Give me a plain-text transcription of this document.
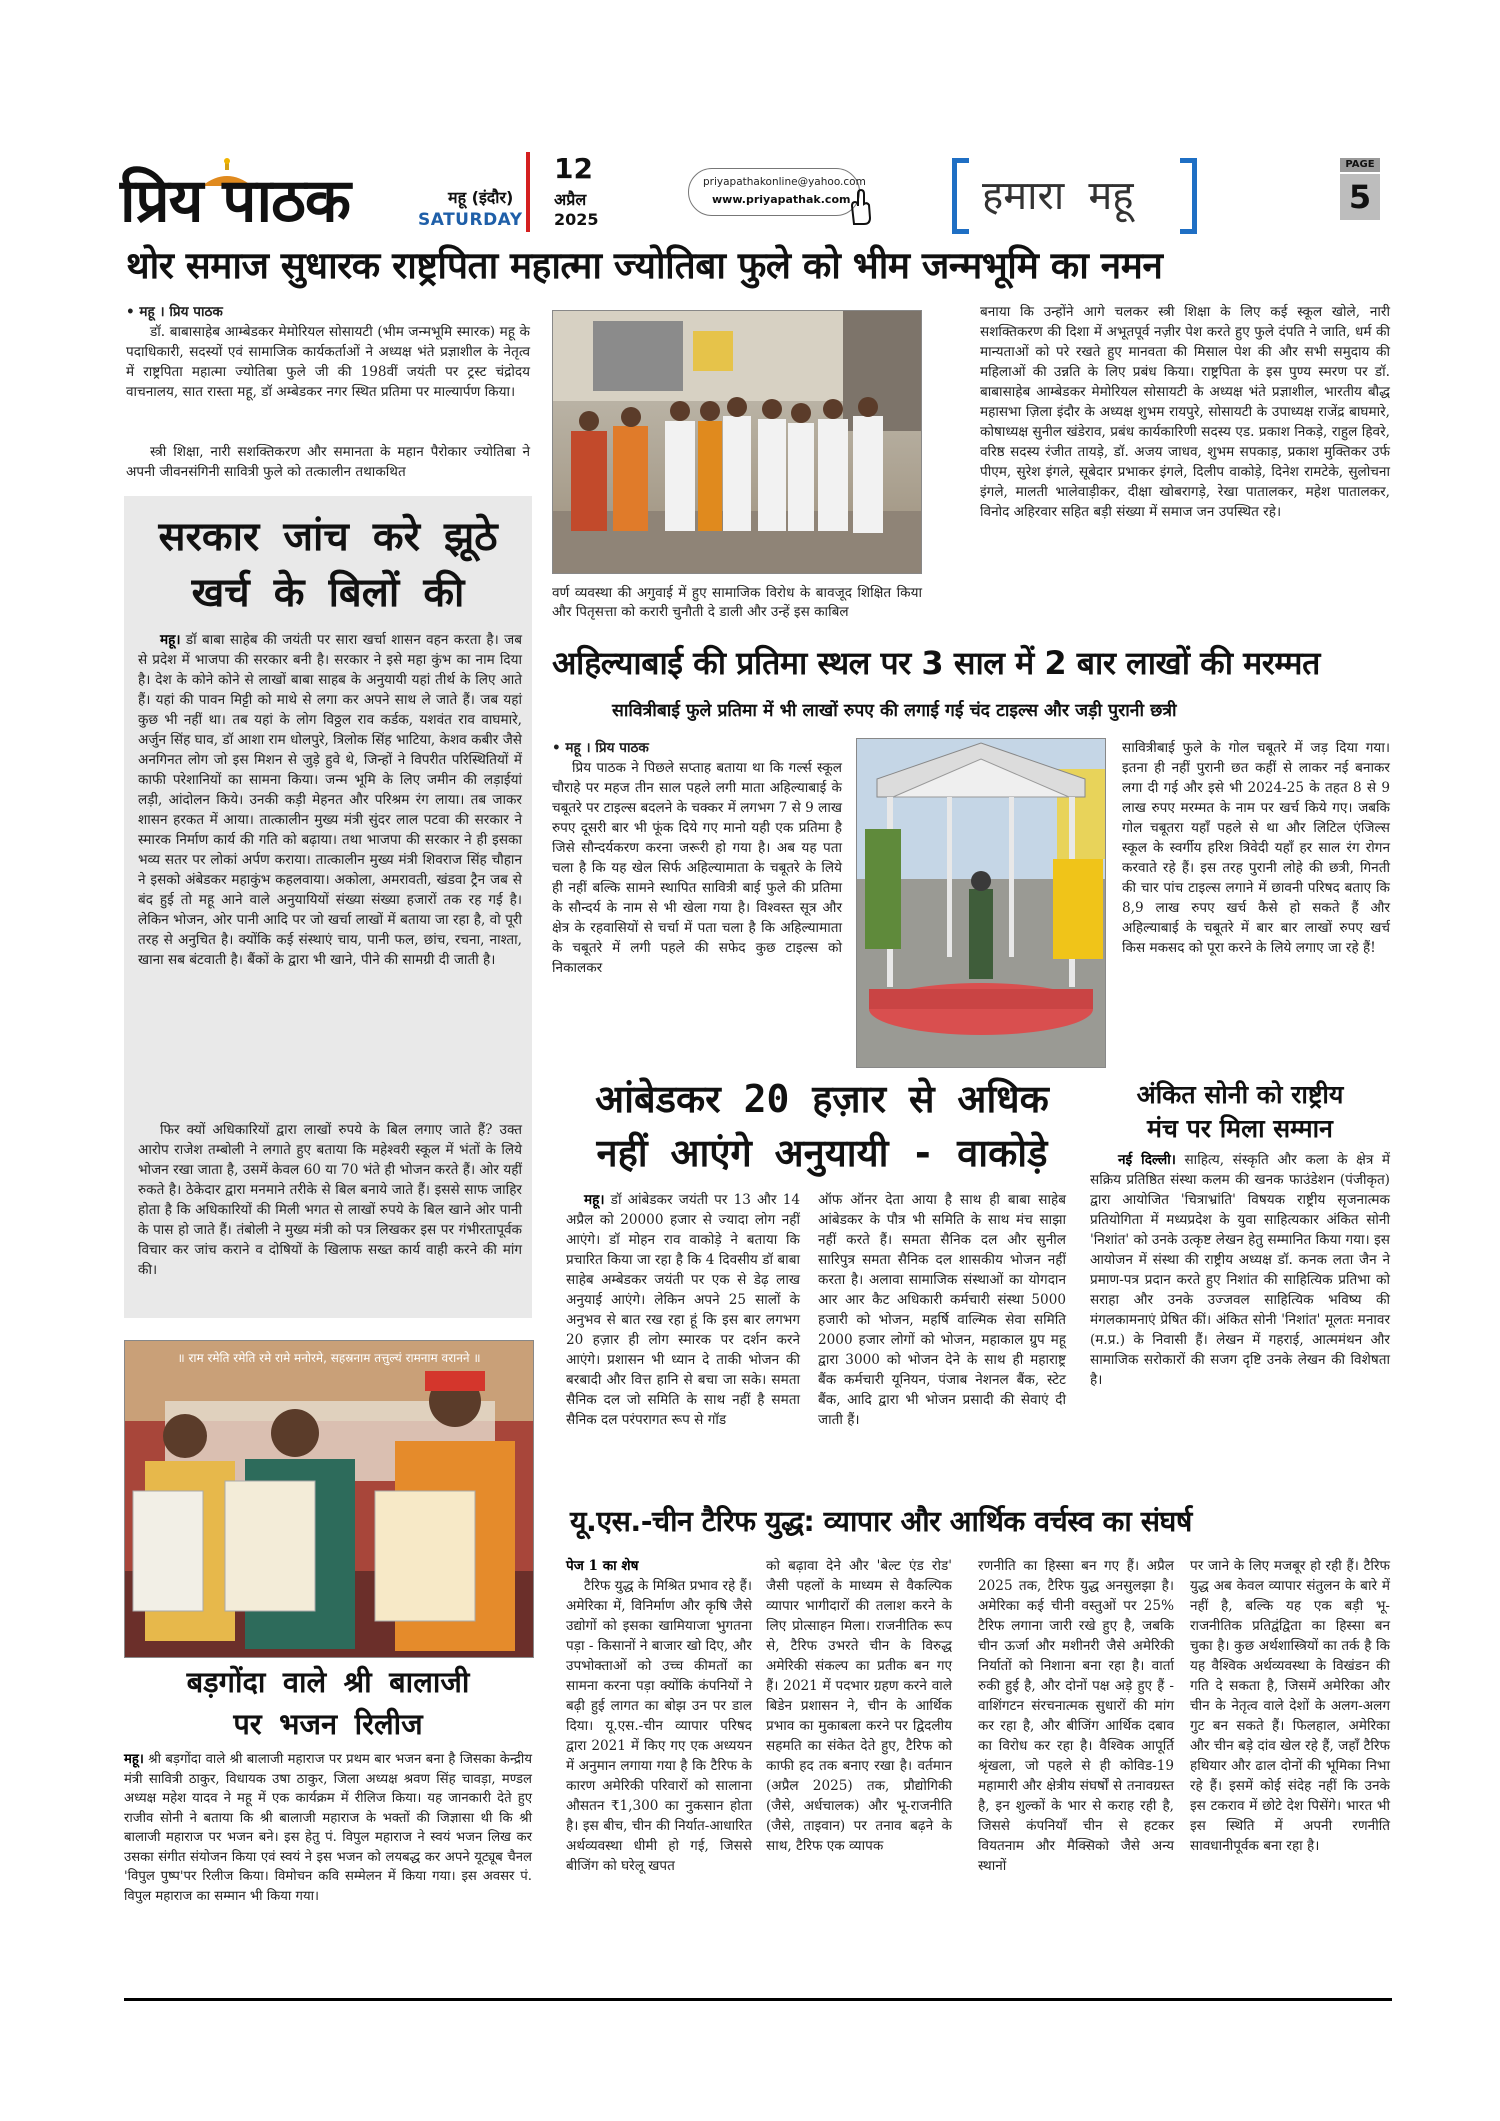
प्रिय पाठक	महू (इंदौर)
SATURDAY
12
अप्रैल
2025
priyapathakonline@yahoo.com
www.priyapathak.com	हमारा महू
PAGE
5
थोर समाज सुधारक राष्ट्रपिता महात्मा ज्योतिबा फुले को भीम जन्मभूमि का नमन
• महू । प्रिय पाठक
डॉ. बाबासाहेब आम्बेडकर मेमोरियल सोसायटी (भीम जन्मभूमि स्मारक) महू के पदाधिकारी, सदस्यों एवं सामाजिक कार्यकर्ताओं ने अध्यक्ष भंते प्रज्ञाशील के नेतृत्व में राष्ट्रपिता महात्मा ज्योतिबा फुले जी की 198वीं जयंती पर ट्रस्ट चंद्रोदय वाचनालय, सात रास्ता महू, डॉ अम्बेडकर नगर स्थित प्रतिमा पर माल्यार्पण किया।
स्त्री शिक्षा, नारी सशक्तिकरण और समानता के महान पैरोकार ज्योतिबा ने अपनी जीवनसंगिनी सावित्री फुले को तत्कालीन तथाकथित
वर्ण व्यवस्था की अगुवाई में हुए सामाजिक विरोध के बावजूद शिक्षित किया और पितृसत्ता को करारी चुनौती दे डाली और उन्हें इस काबिल
बनाया कि उन्होंने आगे चलकर स्त्री शिक्षा के लिए कई स्कूल खोले, नारी सशक्तिकरण की दिशा में अभूतपूर्व नज़ीर पेश करते हुए फुले दंपति ने जाति, धर्म की मान्यताओं को परे रखते हुए मानवता की मिसाल पेश की और सभी समुदाय की महिलाओं की उन्नति के लिए प्रबंध किया। राष्ट्रपिता के इस पुण्य स्मरण पर डॉ. बाबासाहेब आम्बेडकर मेमोरियल सोसायटी के अध्यक्ष भंते प्रज्ञाशील, भारतीय बौद्ध महासभा ज़िला इंदौर के अध्यक्ष शुभम रायपुरे, सोसायटी के उपाध्यक्ष राजेंद्र बाघमारे, कोषाध्यक्ष सुनील खंडेराव, प्रबंध कार्यकारिणी सदस्य एड. प्रकाश निकड़े, राहुल हिवरे, वरिष्ठ सदस्य रंजीत तायड़े, डॉ. अजय जाधव, शुभम सपकाड़, प्रकाश मुक्तिकर उर्फ पीएम, सुरेश इंगले, सूबेदार प्रभाकर इंगले, दिलीप वाकोड़े, दिनेश रामटेके, सुलोचना इंगले, मालती भालेवाड़ीकर, दीक्षा खोबरागड़े, रेखा पातालकर, महेश पातालकर, विनोद अहिरवार सहित बड़ी संख्या में समाज जन उपस्थित रहे।
सरकार जांच करे झूठे
खर्च के बिलों की
महू। डॉ बाबा साहेब की जयंती पर सारा खर्चा शासन वहन करता है। जब से प्रदेश में भाजपा की सरकार बनी है। सरकार ने इसे महा कुंभ का नाम दिया है। देश के कोने कोने से लाखों बाबा साहब के अनुयायी यहां तीर्थ के लिए आते हैं। यहां की पावन मिट्टी को माथे से लगा कर अपने साथ ले जाते हैं। जब यहां कुछ भी नहीं था। तब यहां के लोग विठ्ठल राव कर्डक, यशवंत राव वाघमारे, अर्जुन सिंह घाव, डॉ आशा राम धोलपुरे, त्रिलोक सिंह भाटिया, केशव कबीर जैसे अनगिनत लोग जो इस मिशन से जुड़े हुवे थे, जिन्हों ने विपरीत परिस्थितियों में काफी परेशानियों का सामना किया। जन्म भूमि के लिए जमीन की लड़ाईयां लड़ी, आंदोलन किये। उनकी कड़ी मेहनत और परिश्रम रंग लाया। तब जाकर शासन हरकत में आया। तात्कालीन मुख्य मंत्री सुंदर लाल पटवा की सरकार ने स्मारक निर्माण कार्य की गति को बढ़ाया। तथा भाजपा की सरकार ने ही इसका भव्य सतर पर लोकां अर्पण कराया। तात्कालीन मुख्य मंत्री शिवराज सिंह चौहान ने इसको अंबेडकर महाकुंभ कहलवाया। अकोला, अमरावती, खंडवा ट्रैन जब से बंद हुई तो महू आने वाले अनुयायियों संख्या संख्या हजारों तक रह गई है। लेकिन भोजन, ओर पानी आदि पर जो खर्चा लाखों में बताया जा रहा है, वो पूरी तरह से अनुचित है। क्योंकि कई संस्थाएं चाय, पानी फल, छांच, रचना, नाश्ता, खाना सब बंटवाती है। बैंकों के द्वारा भी खाने, पीने की सामग्री दी जाती है।
फिर क्यों अधिकारियों द्वारा लाखों रुपये के बिल लगाए जाते हैं? उक्त आरोप राजेश तम्बोली ने लगाते हुए बताया कि महेश्वरी स्कूल में भंतों के लिये भोजन रखा जाता है, उसमें केवल 60 या 70 भंते ही भोजन करते हैं। ओर यहीं रुकते है। ठेकेदार द्वारा मनमाने तरीके से बिल बनाये जाते हैं। इससे साफ जाहिर होता है कि अधिकारियों की मिली भगत से लाखों रुपये के बिल खाने ओर पानी के पास हो जाते हैं। तंबोली ने मुख्य मंत्री को पत्र लिखकर इस पर गंभीरतापूर्वक विचार कर जांच कराने व दोषियों के खिलाफ सख्त कार्य वाही करने की मांग की।
अहिल्याबाई की प्रतिमा स्थल पर 3 साल में 2 बार लाखों की मरम्मत
सावित्रीबाई फुले प्रतिमा में भी लाखों रुपए की लगाई गई चंद टाइल्स और जड़ी पुरानी छत्री
• महू । प्रिय पाठक
प्रिय पाठक ने पिछले सप्ताह बताया था कि गर्ल्स स्कूल चौराहे पर महज तीन साल पहले लगी माता अहिल्याबाई के चबूतरे पर टाइल्स बदलने के चक्कर में लगभग 7 से 9 लाख रुपए दूसरी बार भी फूंक दिये गए मानो यही एक प्रतिमा है जिसे सौन्दर्यकरण करना जरूरी हो गया है। अब यह पता चला है कि यह खेल सिर्फ अहिल्यामाता के चबूतरे के लिये ही नहीं बल्कि सामने स्थापित सावित्री बाई फुले की प्रतिमा के सौन्दर्य के नाम से भी खेला गया है। विश्वस्त सूत्र और क्षेत्र के रहवासियों से चर्चा में पता चला है कि अहिल्यामाता के चबूतरे में लगी पहले की सफेद कुछ टाइल्स को निकालकर
सावित्रीबाई फुले के गोल चबूतरे में जड़ दिया गया। इतना ही नहीं पुरानी छत कहीं से लाकर नई बनाकर लगा दी गई और इसे भी 2024-25 के तहत 8 से 9 लाख रुपए मरम्मत के नाम पर खर्च किये गए। जबकि गोल चबूतरा यहाँ पहले से था और लिटिल एंजिल्स स्कूल के स्वर्गीय हरिश त्रिवेदी यहाँ हर साल रंग रोगन करवाते रहे हैं। इस तरह पुरानी लोहे की छत्री, गिनती की चार पांच टाइल्स लगाने में छावनी परिषद बताए कि 8,9 लाख रुपए खर्च कैसे हो सकते हैं और अहिल्याबाई के चबूतरे में बार बार लाखों रुपए खर्च किस मकसद को पूरा करने के लिये लगाए जा रहे हैं!
आंबेडकर 20 हज़ार से अधिक
नहीं आएंगे अनुयायी - वाकोड़े
महू। डॉ आंबेडकर जयंती पर 13 और 14 अप्रैल को 20000 हजार से ज्यादा लोग नहीं आएंगे। डॉ मोहन राव वाकोड़े ने बताया कि प्रचारित किया जा रहा है कि 4 दिवसीय डॉ बाबा साहेब अम्बेडकर जयंती पर एक से डेढ़ लाख अनुयाई आएंगे। लेकिन अपने 25 सालों के अनुभव से बात रख रहा हूं कि इस बार लगभग 20 हज़ार ही लोग स्मारक पर दर्शन करने आएंगे। प्रशासन भी ध्यान दे ताकी भोजन की बरबादी और वित्त हानि से बचा जा सके। समता सैनिक दल जो समिति के साथ नहीं है समता सैनिक दल परंपरागत रूप से गॉड
ऑफ ऑनर देता आया है साथ ही बाबा साहेब आंबेडकर के पौत्र भी समिति के साथ मंच साझा नहीं करते हैं। समता सैनिक दल और सुनील सारिपुत्र समता सैनिक दल शासकीय भोजन नहीं करता है। अलावा सामाजिक संस्थाओं का योगदान आर आर कैट अधिकारी कर्मचारी संस्था 5000 हजारी को भोजन, महर्षि वाल्मिक सेवा समिति 2000 हजार लोगों को भोजन, महाकाल ग्रुप महू द्वारा 3000 को भोजन देने के साथ ही महाराष्ट्र बैंक कर्मचारी यूनियन, पंजाब नेशनल बैंक, स्टेट बैंक, आदि द्वारा भी भोजन प्रसादी की सेवाएं दी जाती हैं।
अंकित सोनी को राष्ट्रीय
मंच पर मिला सम्मान
नई दिल्ली। साहित्य, संस्कृति और कला के क्षेत्र में सक्रिय प्रतिष्ठित संस्था कलम की खनक फाउंडेशन (पंजीकृत) द्वारा आयोजित 'चित्राभ्रांति' विषयक राष्ट्रीय सृजनात्मक प्रतियोगिता में मध्यप्रदेश के युवा साहित्यकार अंकित सोनी 'निशांत' को उनके उत्कृष्ट लेखन हेतु सम्मानित किया गया। इस आयोजन में संस्था की राष्ट्रीय अध्यक्ष डॉ. कनक लता जैन ने प्रमाण-पत्र प्रदान करते हुए निशांत की साहित्यिक प्रतिभा को सराहा और उनके उज्जवल साहित्यिक भविष्य की मंगलकामनाएं प्रेषित कीं। अंकित सोनी 'निशांत' मूलतः मनावर (म.प्र.) के निवासी हैं। लेखन में गहराई, आत्ममंथन और सामाजिक सरोकारों की सजग दृष्टि उनके लेखन की विशेषता है।
॥ राम रमेति रमेति रमे रामे मनोरमे, सहस्रनाम तत्तुल्यं रामनाम वरानने ॥
बड़गोंदा वाले श्री बालाजी
पर भजन रिलीज
महू। श्री बड़गोंदा वाले श्री बालाजी महाराज पर प्रथम बार भजन बना है जिसका केन्द्रीय मंत्री सावित्री ठाकुर, विधायक उषा ठाकुर, जिला अध्यक्ष श्रवण सिंह चावड़ा, मण्डल अध्यक्ष महेश यादव ने महू में एक कार्यक्रम में रीलिज किया। यह जानकारी देते हुए राजीव सोनी ने बताया कि श्री बालाजी महाराज के भक्तों की जिज्ञासा थी कि श्री बालाजी महाराज पर भजन बने। इस हेतु पं. विपुल महाराज ने स्वयं भजन लिख कर उसका संगीत संयोजन किया एवं स्वयं ने इस भजन को लयबद्ध कर अपने यूट्यूब चैनल 'विपुल पुष्प'पर रिलीज किया। विमोचन कवि सम्मेलन में किया गया। इस अवसर पं. विपुल महाराज का सम्मान भी किया गया।
यू.एस.-चीन टैरिफ युद्ध: व्यापार और आर्थिक वर्चस्व का संघर्ष
पेज 1 का शेष
टैरिफ युद्ध के मिश्रित प्रभाव रहे हैं। अमेरिका में, विनिर्माण और कृषि जैसे उद्योगों को इसका खामियाजा भुगतना पड़ा - किसानों ने बाजार खो दिए, और उपभोक्ताओं को उच्च कीमतों का सामना करना पड़ा क्योंकि कंपनियों ने बढ़ी हुई लागत का बोझ उन पर डाल दिया। यू.एस.-चीन व्यापार परिषद द्वारा 2021 में किए गए एक अध्ययन में अनुमान लगाया गया है कि टैरिफ के कारण अमेरिकी परिवारों को सालाना औसतन ₹1,300 का नुकसान होता है। इस बीच, चीन की निर्यात-आधारित अर्थव्यवस्था धीमी हो गई, जिससे बीजिंग को घरेलू खपत
को बढ़ावा देने और 'बेल्ट एंड रोड' जैसी पहलों के माध्यम से वैकल्पिक व्यापार भागीदारों की तलाश करने के लिए प्रोत्साहन मिला। राजनीतिक रूप से, टैरिफ उभरते चीन के विरुद्ध अमेरिकी संकल्प का प्रतीक बन गए हैं। 2021 में पदभार ग्रहण करने वाले बिडेन प्रशासन ने, चीन के आर्थिक प्रभाव का मुकाबला करने पर द्विदलीय सहमति का संकेत देते हुए, टैरिफ को काफी हद तक बनाए रखा है। वर्तमान (अप्रैल 2025) तक, प्रौद्योगिकी (जैसे, अर्धचालक) और भू-राजनीति (जैसे, ताइवान) पर तनाव बढ़ने के साथ, टैरिफ एक व्यापक
रणनीति का हिस्सा बन गए हैं। अप्रैल 2025 तक, टैरिफ युद्ध अनसुलझा है। अमेरिका कई चीनी वस्तुओं पर 25% टैरिफ लगाना जारी रखे हुए है, जबकि चीन ऊर्जा और मशीनरी जैसे अमेरिकी निर्यातों को निशाना बना रहा है। वार्ता रुकी हुई है, और दोनों पक्ष अड़े हुए हैं - वाशिंगटन संरचनात्मक सुधारों की मांग कर रहा है, और बीजिंग आर्थिक दबाव का विरोध कर रहा है। वैश्विक आपूर्ति श्रृंखला, जो पहले से ही कोविड-19 महामारी और क्षेत्रीय संघर्षों से तनावग्रस्त है, इन शुल्कों के भार से कराह रही है, जिससे कंपनियाँ चीन से हटकर वियतनाम और मैक्सिको जैसे अन्य स्थानों
पर जाने के लिए मजबूर हो रही हैं। टैरिफ युद्ध अब केवल व्यापार संतुलन के बारे में नहीं है, बल्कि यह एक बड़ी भू-राजनीतिक प्रतिद्वंद्विता का हिस्सा बन चुका है। कुछ अर्थशास्त्रियों का तर्क है कि यह वैश्विक अर्थव्यवस्था के विखंडन की गति दे सकता है, जिसमें अमेरिका और चीन के नेतृत्व वाले देशों के अलग-अलग गुट बन सकते हैं। फिलहाल, अमेरिका और चीन बड़े दांव खेल रहे हैं, जहाँ टैरिफ हथियार और ढाल दोनों की भूमिका निभा रहे हैं। इसमें कोई संदेह नहीं कि उनके इस टकराव में छोटे देश पिसेंगे। भारत भी इस स्थिति में अपनी रणनीति सावधानीपूर्वक बना रहा है।
